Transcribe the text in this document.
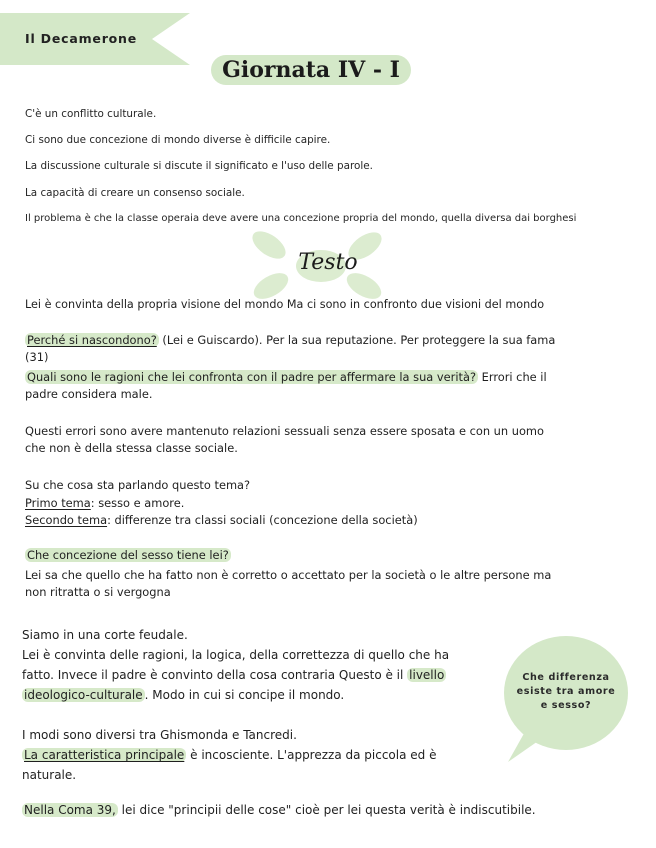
Il Decamerone
Giornata IV - I
C'è un conflitto culturale.
Ci sono due concezione di mondo diverse è difficile capire.
La discussione culturale si discute il significato e l'uso delle parole.
La capacità di creare un consenso sociale.
Il problema è che la classe operaia deve avere una concezione propria del mondo, quella diversa dai borghesi
Testo
Lei è convinta della propria visione del mondo Ma ci sono in confronto due visioni del mondo
Perché si nascondono? (Lei e Guiscardo). Per la sua reputazione. Per proteggere la sua fama
(31)
Quali sono le ragioni che lei confronta con il padre per affermare la sua verità? Errori che il
padre considera male.
Questi errori sono avere mantenuto relazioni sessuali senza essere sposata e con un uomo
che non è della stessa classe sociale.
Su che cosa sta parlando questo tema?
Primo tema: sesso e amore.
Secondo tema: differenze tra classi sociali (concezione della società)
Che concezione del sesso tiene lei?
Lei sa che quello che ha fatto non è corretto o accettato per la società o le altre persone ma
non ritratta o si vergogna
Siamo in una corte feudale.
Lei è convinta delle ragioni, la logica, della correttezza di quello che ha
fatto. Invece il padre è convinto della cosa contraria Questo è il livello
ideologico-culturale . Modo in cui si concipe il mondo.
I modi sono diversi tra Ghismonda e Tancredi.
La caratteristica principale è incosciente. L'apprezza da piccola ed è
naturale.
Nella Coma 39, lei dice "principii delle cose" cioè per lei questa verità è indiscutibile.
Che differenza
esiste tra amore
e sesso?
